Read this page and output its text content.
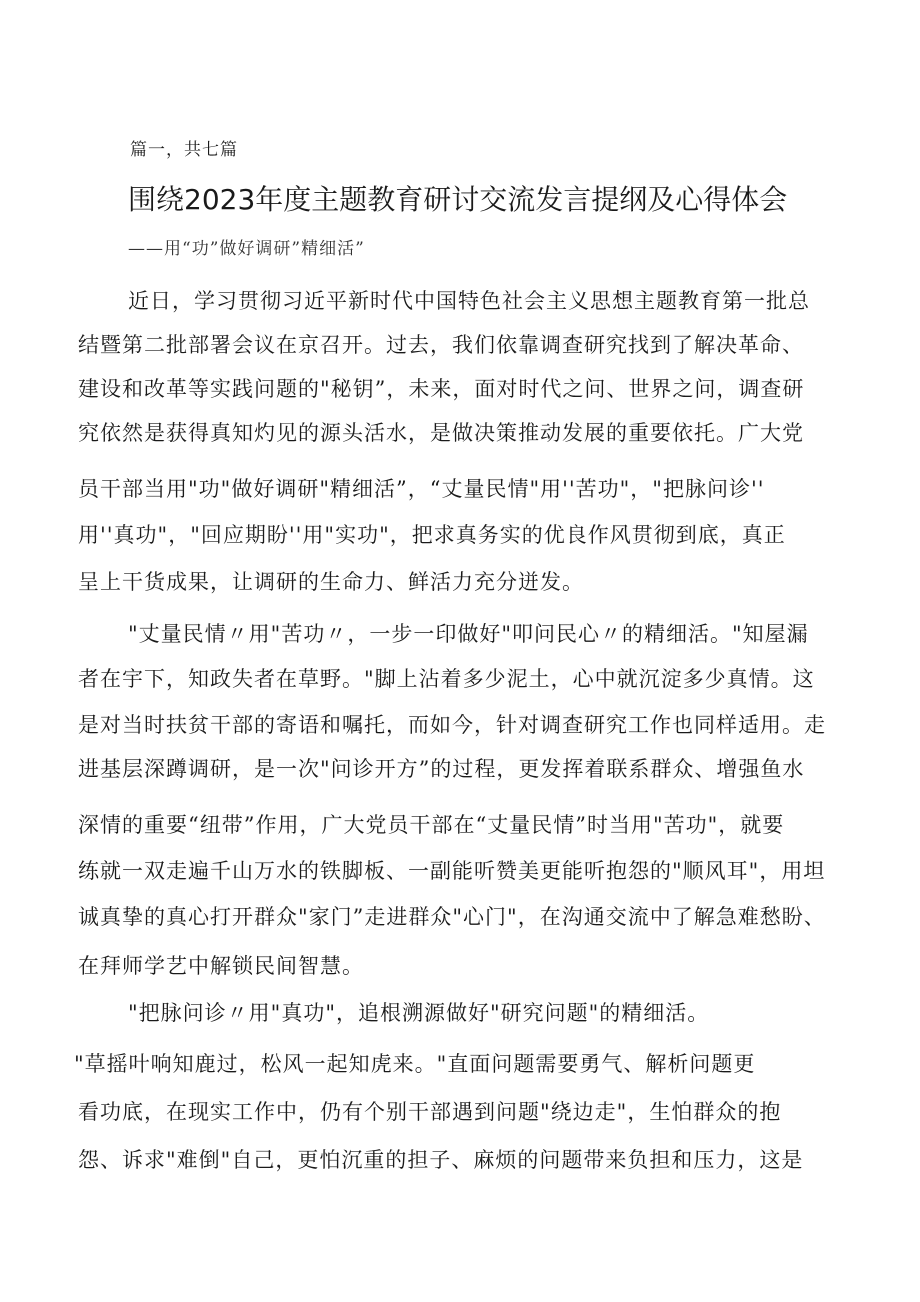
篇一，共七篇
围绕2023年度主题教育研讨交流发言提纲及心得体会
——用“功”做好调研”精细活”
近日，学习贯彻习近平新时代中国特色社会主义思想主题教育第一批总
结暨第二批部署会议在京召开。过去，我们依靠调查研究找到了解决革命、
建设和改革等实践问题的"秘钥”，未来，面对时代之问、世界之问，调查研
究依然是获得真知灼见的源头活水，是做决策推动发展的重要依托。广大党
员干部当用"功"做好调研"精细活”，“丈量民情"用''苦功"，"把脉问诊''
用''真功"，"回应期盼''用"实功"，把求真务实的优良作风贯彻到底，真正
呈上干货成果，让调研的生命力、鲜活力充分迸发。
"丈量民情〃用"苦功〃，一步一印做好"叩问民心〃的精细活。"知屋漏
者在宇下，知政失者在草野。"脚上沾着多少泥土，心中就沉淀多少真情。这
是对当时扶贫干部的寄语和嘱托，而如今，针对调查研究工作也同样适用。走
进基层深蹲调研，是一次"问诊开方”的过程，更发挥着联系群众、增强鱼水
深情的重要“纽带”作用，广大党员干部在“丈量民情”时当用"苦功"，就要
练就一双走遍千山万水的铁脚板、一副能听赞美更能听抱怨的"顺风耳"，用坦
诚真挚的真心打开群众"家门”走进群众"心门"，在沟通交流中了解急难愁盼、
在拜师学艺中解锁民间智慧。
"把脉问诊〃用"真功"，追根溯源做好"研究问题"的精细活。
"草摇叶响知鹿过，松风一起知虎来。"直面问题需要勇气、解析问题更
看功底，在现实工作中，仍有个别干部遇到问题"绕边走"，生怕群众的抱
怨、诉求"难倒"自己，更怕沉重的担子、麻烦的问题带来负担和压力，这是
